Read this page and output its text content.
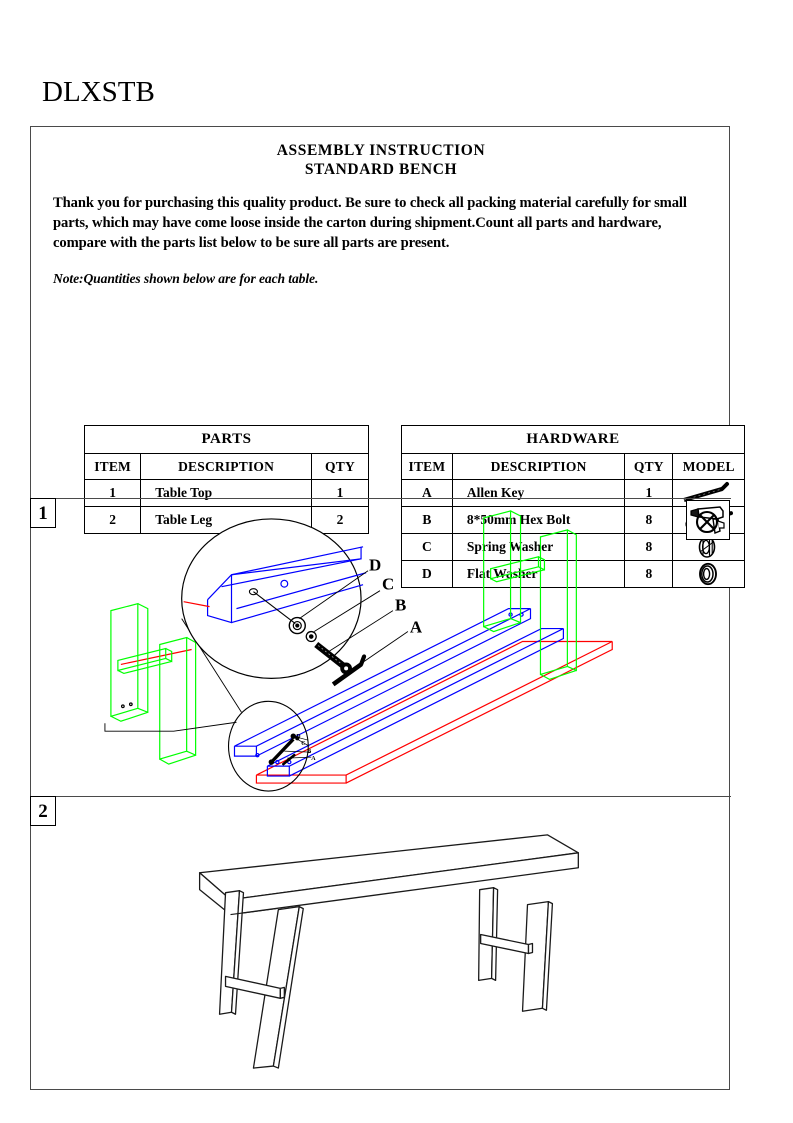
DLXSTB
ASSEMBLY INSTRUCTION
STANDARD BENCH
Thank you for purchasing this quality product. Be sure to check all packing material carefully for small parts, which may have come loose inside the carton during shipment.Count all parts and hardware, compare with the parts list below to be sure all parts are present.
Note:Quantities shown below are for each table.
PARTS		
ITEM	DESCRIPTION	QTY
1	Table Top	1
2	Table Leg	2
HARDWARE			
ITEM	DESCRIPTION	QTY	MODEL
A	Allen Key	1	

B	8*50mm Hex Bolt	8	

C	Spring Washer	8	

D	Flat Washer	8	
1
D
C
B
A
D
C
B
A
2
